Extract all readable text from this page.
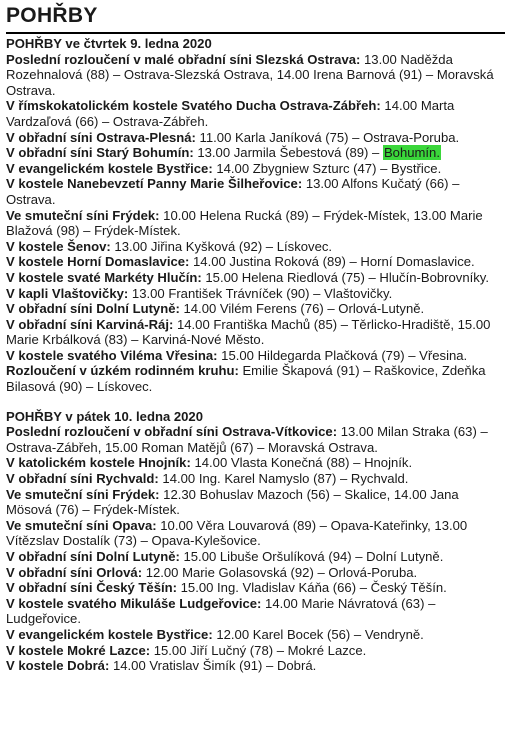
POHŘBY

POHŘBY ve čtvrtek 9. ledna 2020

Poslední rozloučení v malé obřadní síni Slezská Ostrava: 13.00 Naděžda Rozehnalová (88) – Ostrava-Slezská Ostrava, 14.00 Irena Barnová (91) – Moravská Ostrava.

V římskokatolickém kostele Svatého Ducha Ostrava-Zábřeh: 14.00 Marta Vardzaľová (66) – Ostrava-Zábřeh.

V obřadní síni Ostrava-Plesná: 11.00 Karla Janíková (75) – Ostrava-Poruba.

V obřadní síni Starý Bohumín: 13.00 Jarmila Šebestová (89) – Bohumín.

V evangelickém kostele Bystřice: 14.00 Zbygniew Szturc (47) – Bystřice.

V kostele Nanebevzetí Panny Marie Šilheřovice: 13.00 Alfons Kučatý (66) – Ostrava.

Ve smuteční síni Frýdek: 10.00 Helena Rucká (89) – Frýdek-Místek, 13.00 Marie Blažová (98) – Frýdek-Místek.

V kostele Šenov: 13.00 Jiřina Kyšková (92) – Lískovec.

V kostele Horní Domaslavice: 14.00 Justina Roková (89) – Horní Domaslavice.

V kostele svaté Markéty Hlučín: 15.00 Helena Riedlová (75) – Hlučín-Bobrovníky.

V kapli Vlaštovičky: 13.00 František Trávníček (90) – Vlaštovičky.

V obřadní síni Dolní Lutyně: 14.00 Vilém Ferens (76) – Orlová-Lutyně.

V obřadní síni Karviná-Ráj: 14.00 Františka Machů (85) – Těrlicko-Hradiště, 15.00 Marie Krbálková (83) – Karviná-Nové Město.

V kostele svatého Viléma Vřesina: 15.00 Hildegarda Plačková (79) – Vřesina.

Rozloučení v úzkém rodinném kruhu: Emilie Škapová (91) – Raškovice, Zdeňka Bilasová (90) – Lískovec.

POHŘBY v pátek 10. ledna 2020

Poslední rozloučení v obřadní síni Ostrava-Vítkovice: 13.00 Milan Straka (63) – Ostrava-Zábřeh, 15.00 Roman Matějů (67) – Moravská Ostrava.

V katolickém kostele Hnojník: 14.00 Vlasta Konečná (88) – Hnojník.

V obřadní síni Rychvald: 14.00 Ing. Karel Namyslo (87) – Rychvald.

Ve smuteční síni Frýdek: 12.30 Bohuslav Mazoch (56) – Skalice, 14.00 Jana Mösová (76) – Frýdek-Místek.

Ve smuteční síni Opava: 10.00 Věra Louvarová (89) – Opava-Kateřinky, 13.00 Vítězslav Dostalík (73) – Opava-Kylešovice.

V obřadní síni Dolní Lutyně: 15.00 Libuše Oršulíková (94) – Dolní Lutyně.

V obřadní síni Orlová: 12.00 Marie Golasovská (92) – Orlová-Poruba.

V obřadní síni Český Těšín: 15.00 Ing. Vladislav Káňa (66) – Český Těšín.

V kostele svatého Mikuláše Ludgeřovice: 14.00 Marie Návratová (63) – Ludgeřovice.

V evangelickém kostele Bystřice: 12.00 Karel Bocek (56) – Vendryně.

V kostele Mokré Lazce: 15.00 Jiří Lučný (78) – Mokré Lazce.

V kostele Dobrá: 14.00 Vratislav Šimík (91) – Dobrá.
